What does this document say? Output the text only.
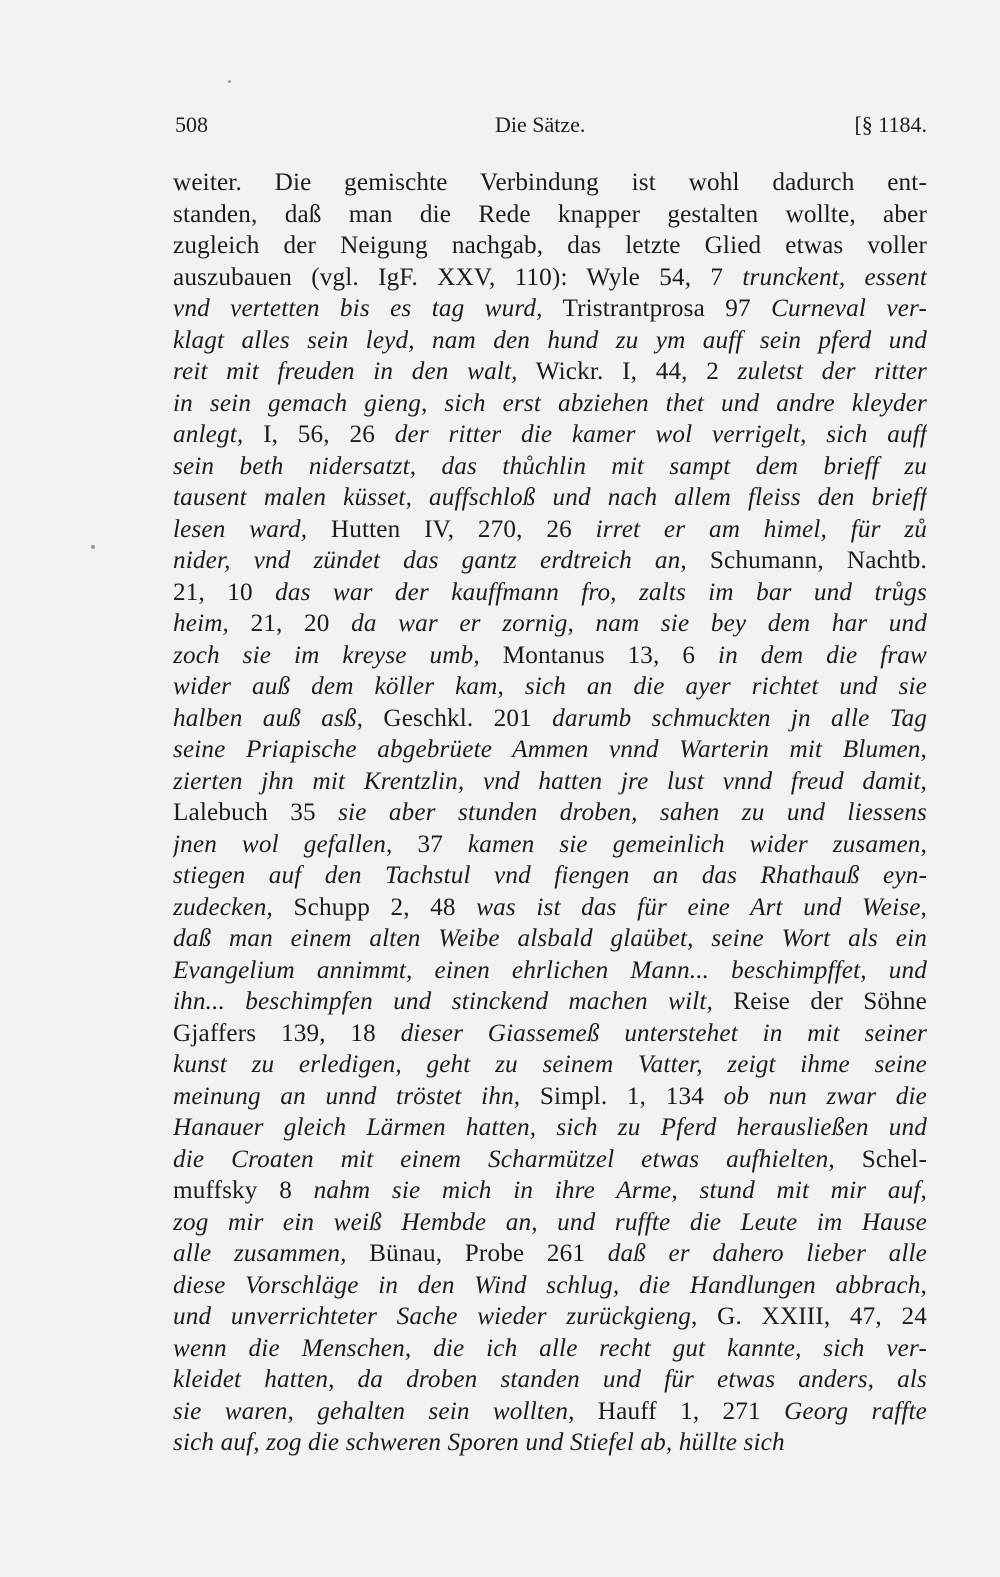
508	Die Sätze.	[§ 1184.
weiter. Die gemischte Verbindung ist wohl dadurch ent-
standen, daß man die Rede knapper gestalten wollte, aber
zugleich der Neigung nachgab, das letzte Glied etwas voller
auszubauen (vgl. IgF. XXV, 110): Wyle 54, 7 trunckent, essent
vnd vertetten bis es tag wurd, Tristrantprosa 97 Curneval ver-
klagt alles sein leyd, nam den hund zu ym auff sein pferd und
reit mit freuden in den walt, Wickr. I, 44, 2 zuletst der ritter
in sein gemach gieng, sich erst abziehen thet und andre kleyder
anlegt, I, 56, 26 der ritter die kamer wol verrigelt, sich auff
sein beth nidersatzt, das thůchlin mit sampt dem brieff zu
tausent malen küsset, auffschloß und nach allem fleiss den brieff
lesen ward, Hutten IV, 270, 26 irret er am himel, für zů
nider, vnd zündet das gantz erdtreich an, Schumann, Nachtb.
21, 10 das war der kauffmann fro, zalts im bar und trůgs
heim, 21, 20 da war er zornig, nam sie bey dem har und
zoch sie im kreyse umb, Montanus 13, 6 in dem die fraw
wider auß dem köller kam, sich an die ayer richtet und sie
halben auß asß, Geschkl. 201 darumb schmuckten jn alle Tag
seine Priapische abgebrüete Ammen vnnd Warterin mit Blumen,
zierten jhn mit Krentzlin, vnd hatten jre lust vnnd freud damit,
Lalebuch 35 sie aber stunden droben, sahen zu und liessens
jnen wol gefallen, 37 kamen sie gemeinlich wider zusamen,
stiegen auf den Tachstul vnd fiengen an das Rhathauß eyn-
zudecken, Schupp 2, 48 was ist das für eine Art und Weise,
daß man einem alten Weibe alsbald glaübet, seine Wort als ein
Evangelium annimmt, einen ehrlichen Mann... beschimpffet, und
ihn... beschimpfen und stinckend machen wilt, Reise der Söhne
Gjaffers 139, 18 dieser Giassemeß unterstehet in mit seiner
kunst zu erledigen, geht zu seinem Vatter, zeigt ihme seine
meinung an unnd tröstet ihn, Simpl. 1, 134 ob nun zwar die
Hanauer gleich Lärmen hatten, sich zu Pferd herausließen und
die Croaten mit einem Scharmützel etwas aufhielten, Schel-
muffsky 8 nahm sie mich in ihre Arme, stund mit mir auf,
zog mir ein weiß Hembde an, und ruffte die Leute im Hause
alle zusammen, Bünau, Probe 261 daß er dahero lieber alle
diese Vorschläge in den Wind schlug, die Handlungen abbrach,
und unverrichteter Sache wieder zurückgieng, G. XXIII, 47, 24
wenn die Menschen, die ich alle recht gut kannte, sich ver-
kleidet hatten, da droben standen und für etwas anders, als
sie waren, gehalten sein wollten, Hauff 1, 271 Georg raffte
sich auf, zog die schweren Sporen und Stiefel ab, hüllte sich
